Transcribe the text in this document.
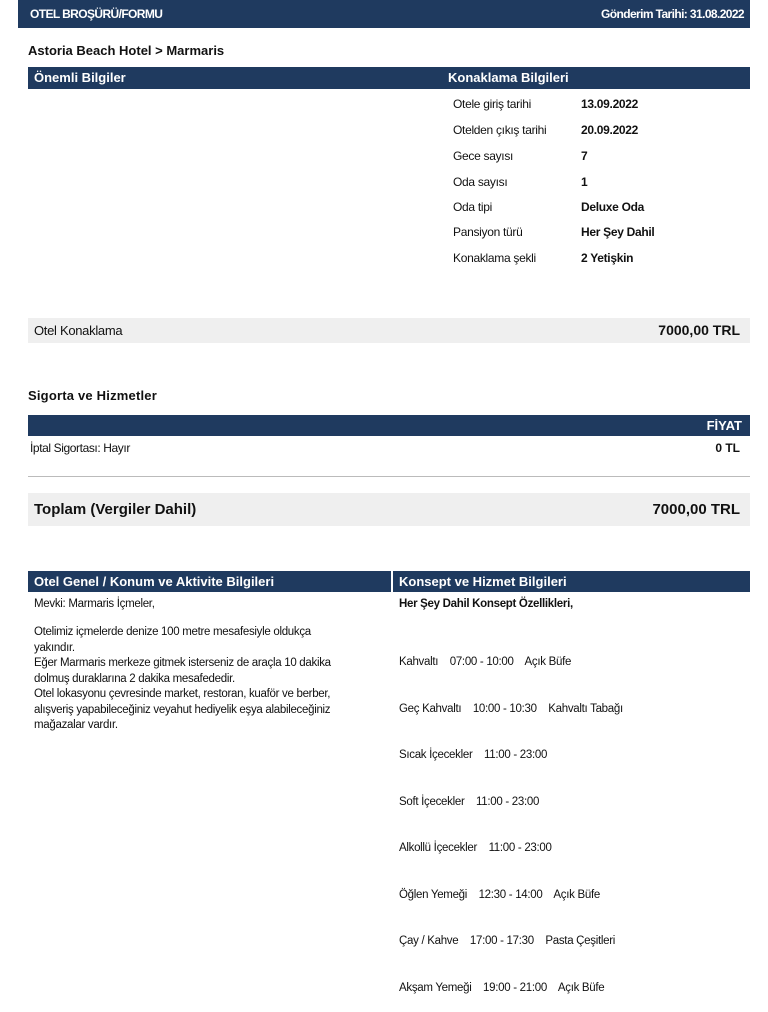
OTEL BROŞÜRÜ/FORMU	Gönderim Tarihi: 31.08.2022
Astoria Beach Hotel > Marmaris
Önemli Bilgiler	Konaklama Bilgileri
Otele giriş tarihi	13.09.2022
Otelden çıkış tarihi	20.09.2022
Gece sayısı	7
Oda sayısı	1
Oda tipi	Deluxe Oda
Pansiyon türü	Her Şey Dahil
Konaklama şekli	2 Yetişkin
Otel Konaklama	7000,00 TRL
Sigorta ve Hizmetler
FİYAT
İptal Sigortası: Hayır	0 TL
Toplam (Vergiler Dahil)	7000,00 TRL
Otel Genel / Konum ve Aktivite Bilgileri	Konsept ve Hizmet Bilgileri
Mevki: Marmaris İçmeler,
Otelimiz içmelerde denize 100 metre mesafesiyle oldukça
yakındır.
Eğer Marmaris merkeze gitmek isterseniz de araçla 10 dakika
dolmuş duraklarına 2 dakika mesafededir.
Otel lokasyonu çevresinde market, restoran, kuaför ve berber,
alışveriş yapabileceğiniz veyahut hediyelik eşya alabileceğiniz
mağazalar vardır.
Her Şey Dahil Konsept Özellikleri,

Kahvaltı    07:00 - 10:00    Açık Büfe

Geç Kahvaltı    10:00 - 10:30    Kahvaltı Tabağı

Sıcak İçecekler    11:00 - 23:00

Soft İçecekler    11:00 - 23:00

Alkollü İçecekler    11:00 - 23:00

Öğlen Yemeği    12:30 - 14:00    Açık Büfe

Çay / Kahve    17:00 - 17:30    Pasta Çeşitleri

Akşam Yemeği    19:00 - 21:00    Açık Büfe
